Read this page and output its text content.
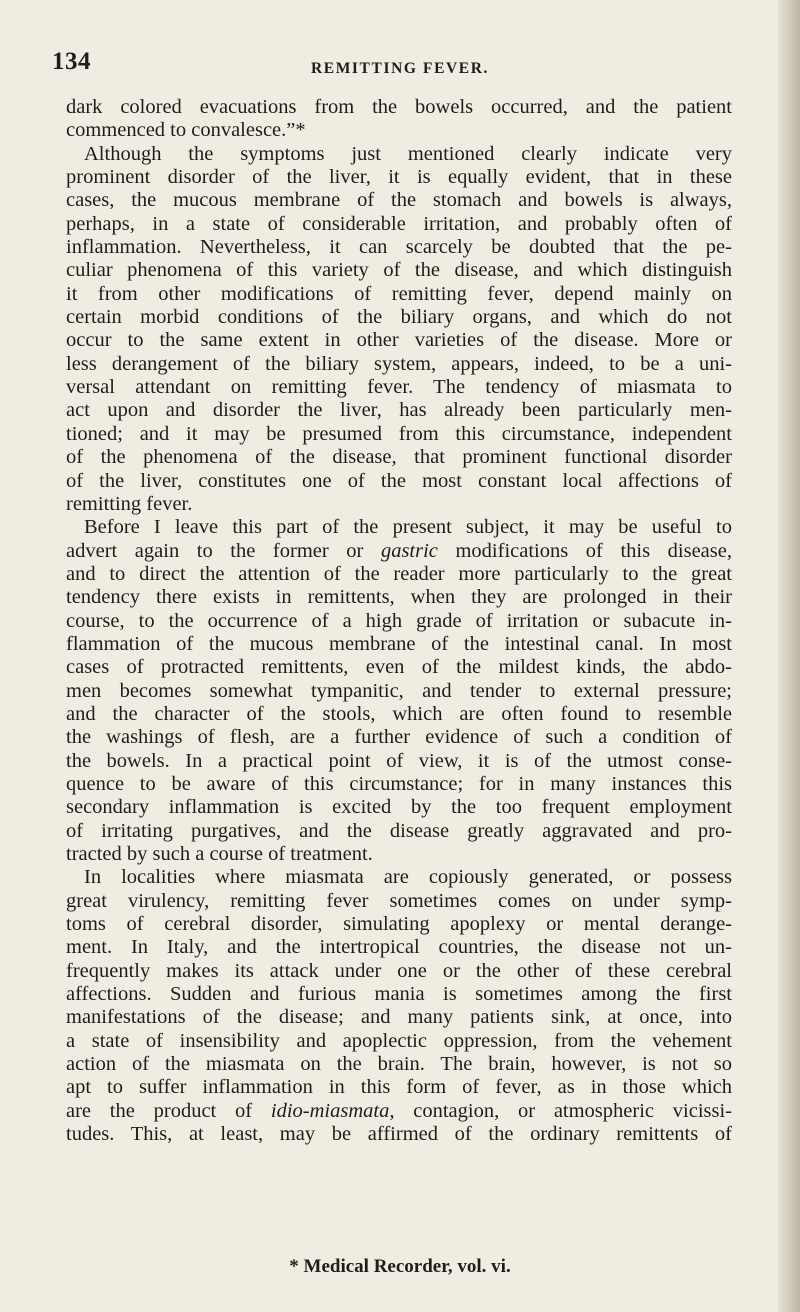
134	REMITTING FEVER.
dark colored evacuations from the bowels occurred, and the patient
commenced to convalesce.”*
Although the symptoms just mentioned clearly indicate very
prominent disorder of the liver, it is equally evident, that in these
cases, the mucous membrane of the stomach and bowels is always,
perhaps, in a state of considerable irritation, and probably often of
inflammation. Nevertheless, it can scarcely be doubted that the pe-
culiar phenomena of this variety of the disease, and which distinguish
it from other modifications of remitting fever, depend mainly on
certain morbid conditions of the biliary organs, and which do not
occur to the same extent in other varieties of the disease. More or
less derangement of the biliary system, appears, indeed, to be a uni-
versal attendant on remitting fever. The tendency of miasmata to
act upon and disorder the liver, has already been particularly men-
tioned; and it may be presumed from this circumstance, independent
of the phenomena of the disease, that prominent functional disorder
of the liver, constitutes one of the most constant local affections of
remitting fever.
Before I leave this part of the present subject, it may be useful to
advert again to the former or gastric modifications of this disease,
and to direct the attention of the reader more particularly to the great
tendency there exists in remittents, when they are prolonged in their
course, to the occurrence of a high grade of irritation or subacute in-
flammation of the mucous membrane of the intestinal canal. In most
cases of protracted remittents, even of the mildest kinds, the abdo-
men becomes somewhat tympanitic, and tender to external pressure;
and the character of the stools, which are often found to resemble
the washings of flesh, are a further evidence of such a condition of
the bowels. In a practical point of view, it is of the utmost conse-
quence to be aware of this circumstance; for in many instances this
secondary inflammation is excited by the too frequent employment
of irritating purgatives, and the disease greatly aggravated and pro-
tracted by such a course of treatment.
In localities where miasmata are copiously generated, or possess
great virulency, remitting fever sometimes comes on under symp-
toms of cerebral disorder, simulating apoplexy or mental derange-
ment. In Italy, and the intertropical countries, the disease not un-
frequently makes its attack under one or the other of these cerebral
affections. Sudden and furious mania is sometimes among the first
manifestations of the disease; and many patients sink, at once, into
a state of insensibility and apoplectic oppression, from the vehement
action of the miasmata on the brain. The brain, however, is not so
apt to suffer inflammation in this form of fever, as in those which
are the product of idio-miasmata, contagion, or atmospheric vicissi-
tudes. This, at least, may be affirmed of the ordinary remittents of
* Medical Recorder, vol. vi.
